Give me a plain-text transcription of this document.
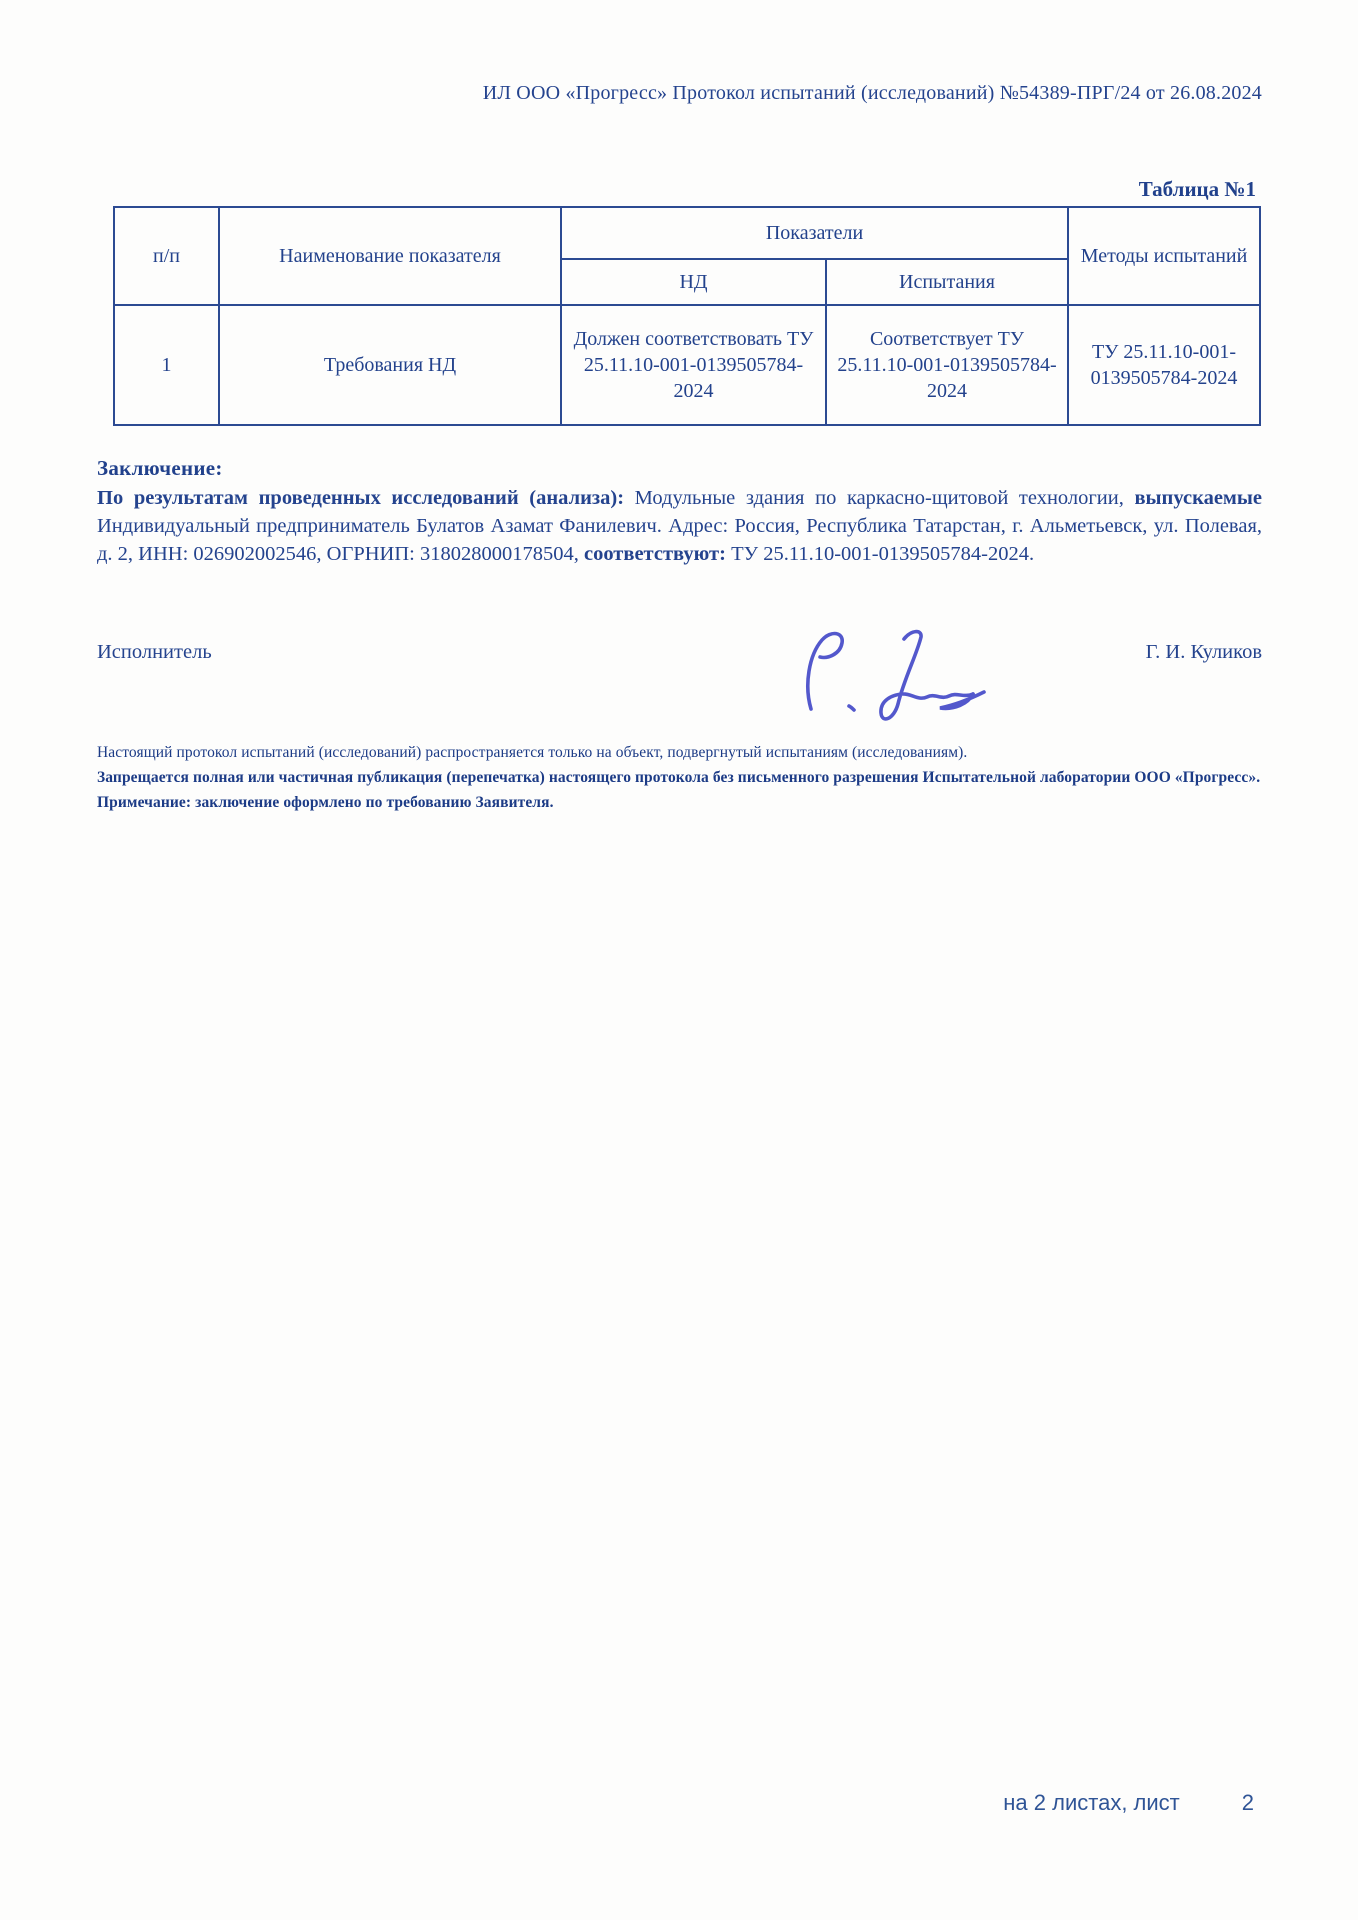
ИЛ ООО «Прогресс» Протокол испытаний (исследований) №54389-ПРГ/24 от 26.08.2024
Таблица №1
п/п	Наименование показателя	Показатели		Методы испытаний
		НД	Испытания	
1	Требования НД	Должен соответствовать ТУ 25.11.10-001-0139505784-2024	Соответствует ТУ 25.11.10-001-0139505784-2024	ТУ 25.11.10-001-0139505784-2024
Заключение:
По результатам проведенных исследований (анализа): Модульные здания по каркасно-щитовой технологии, выпускаемые Индивидуальный предприниматель Булатов Азамат Фанилевич. Адрес: Россия, Республика Татарстан, г. Альметьевск, ул. Полевая, д. 2, ИНН: 026902002546, ОГРНИП: 318028000178504, соответствуют: ТУ 25.11.10-001-0139505784-2024.
Исполнитель	Г. И. Куликов
Настоящий протокол испытаний (исследований) распространяется только на объект, подвергнутый испытаниям (исследованиям).
Запрещается полная или частичная публикация (перепечатка) настоящего протокола без письменного разрешения Испытательной лаборатории ООО «Прогресс».
Примечание: заключение оформлено по требованию Заявителя.
на 2 листах, лист	2
